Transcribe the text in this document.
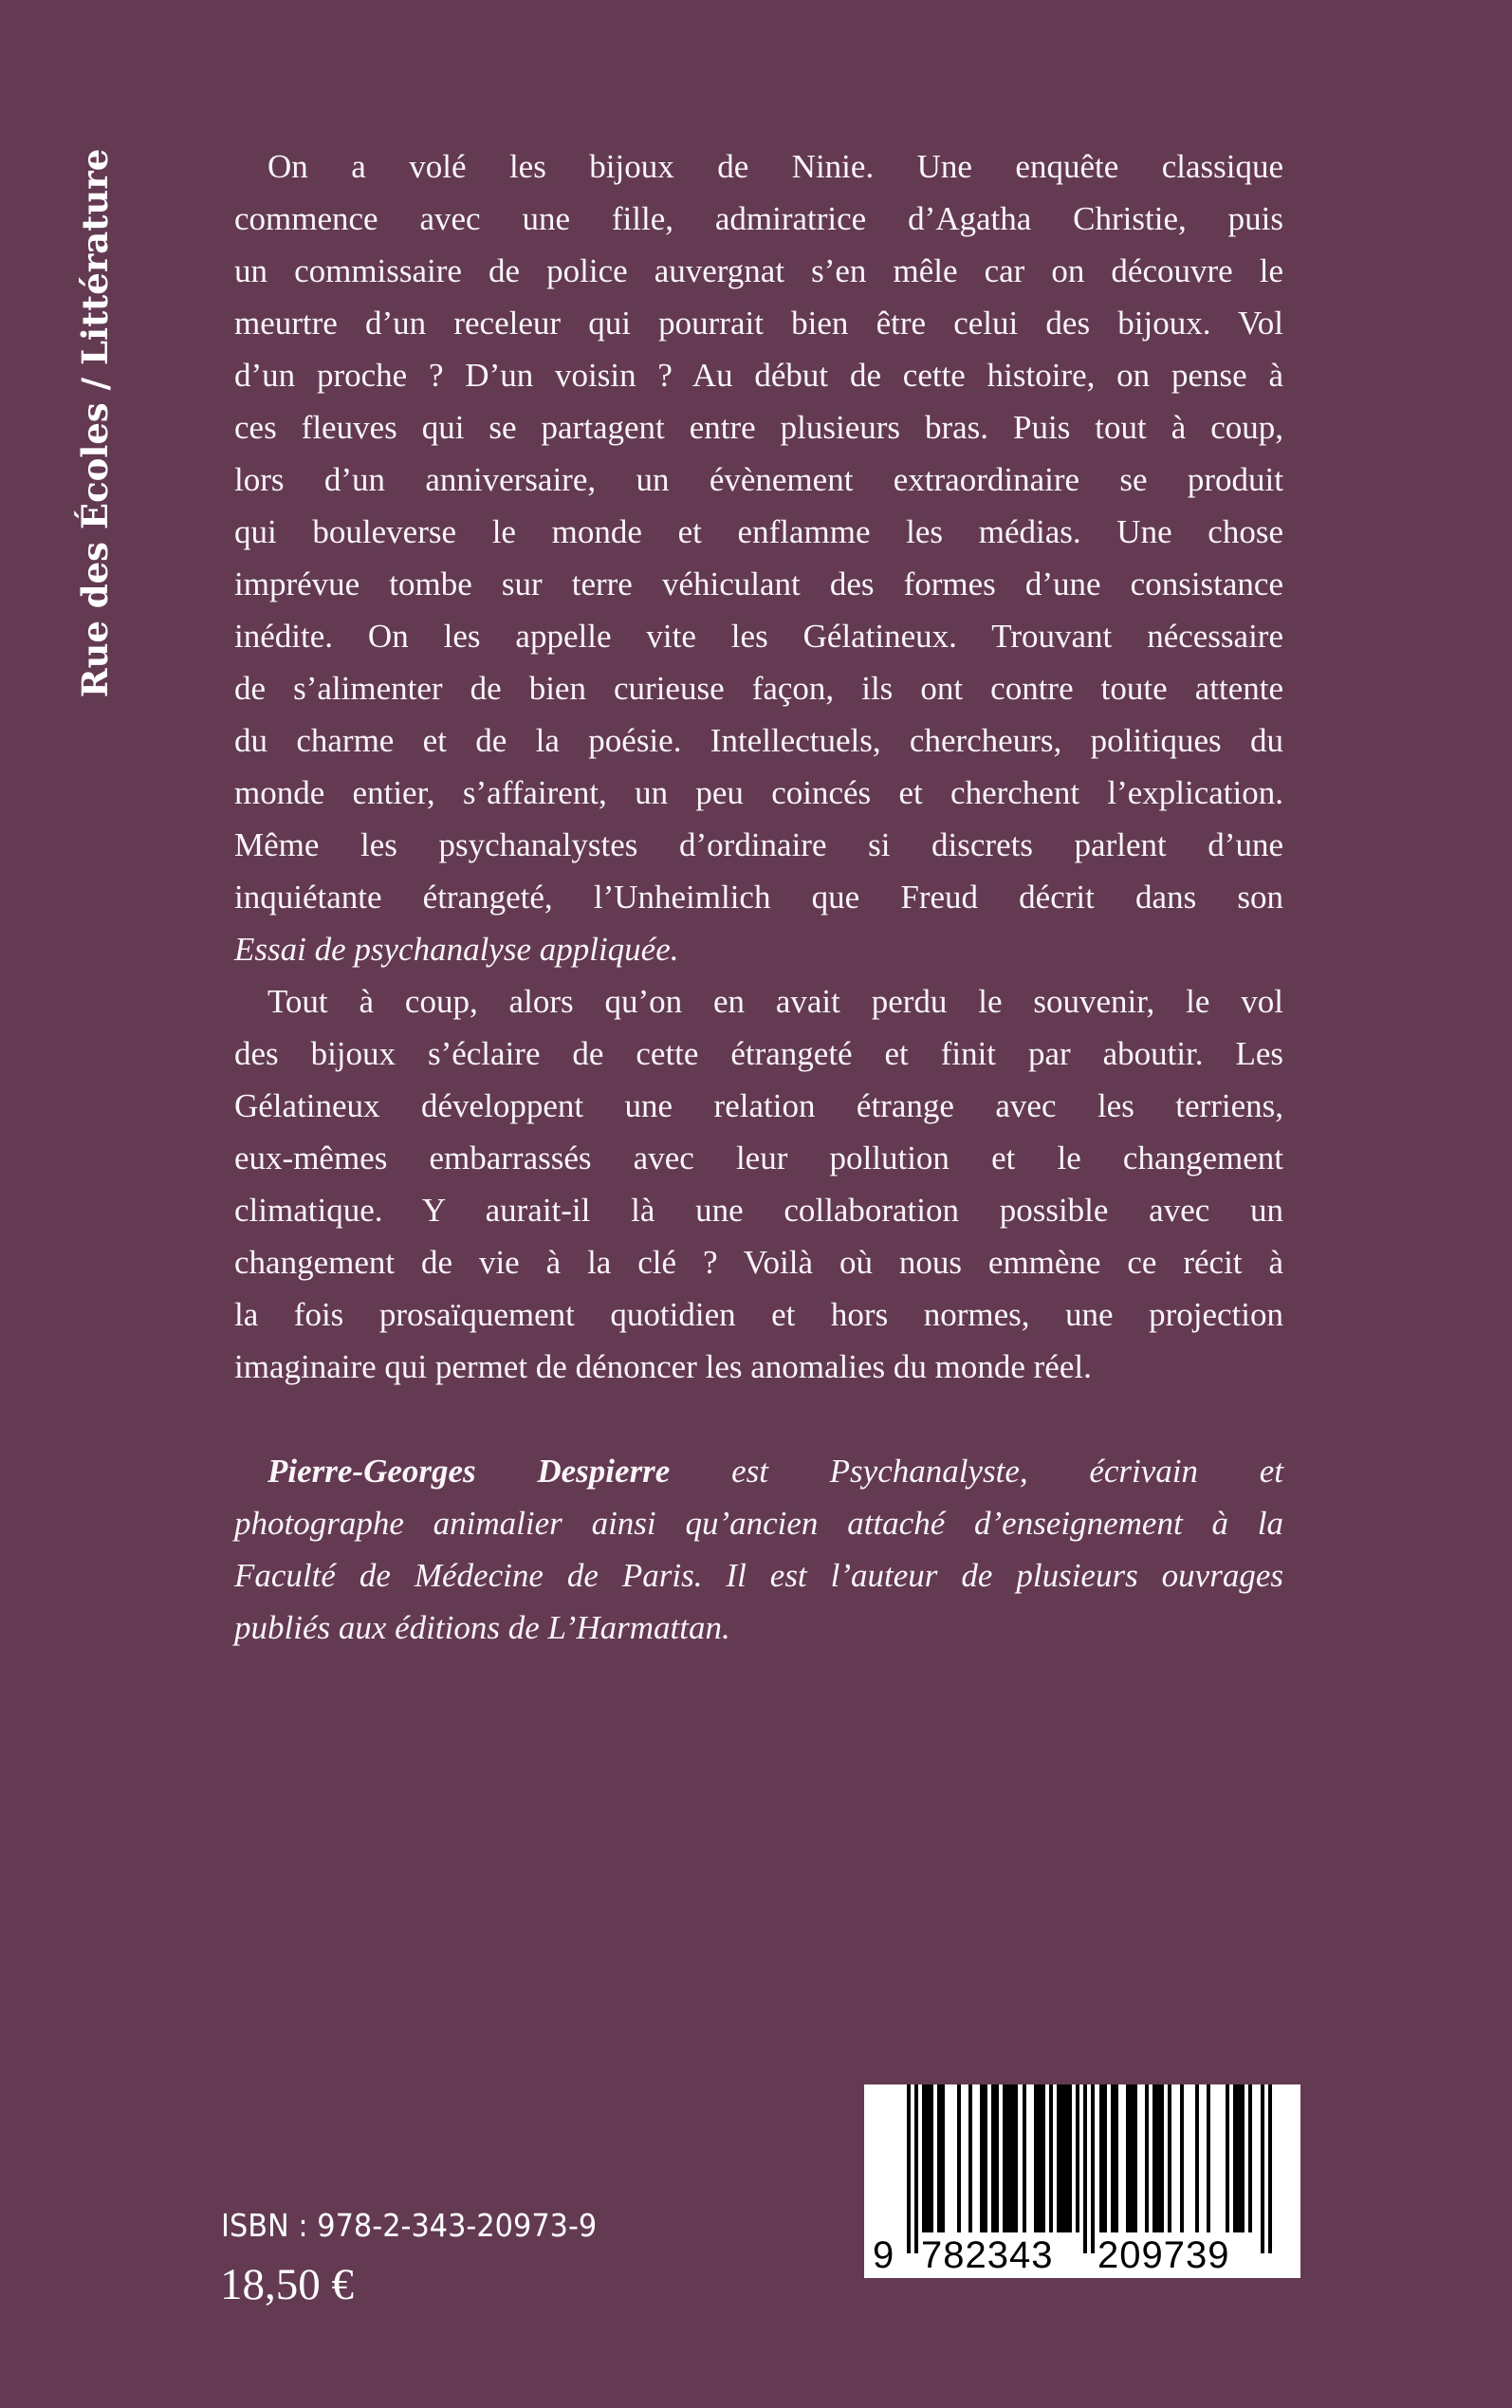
Rue des Écoles / Littérature	On a volé les bijoux de Ninie. Une enquête classique
commence avec une fille, admiratrice d’Agatha Christie, puis
un commissaire de police auvergnat s’en mêle car on découvre le
meurtre d’un receleur qui pourrait bien être celui des bijoux. Vol
d’un proche ? D’un voisin ? Au début de cette histoire, on pense à
ces fleuves qui se partagent entre plusieurs bras. Puis tout à coup,
lors d’un anniversaire, un évènement extraordinaire se produit
qui bouleverse le monde et enflamme les médias. Une chose
imprévue tombe sur terre véhiculant des formes d’une consistance
inédite. On les appelle vite les Gélatineux. Trouvant nécessaire
de s’alimenter de bien curieuse façon, ils ont contre toute attente
du charme et de la poésie. Intellectuels, chercheurs, politiques du
monde entier, s’affairent, un peu coincés et cherchent l’explication.
Même les psychanalystes d’ordinaire si discrets parlent d’une
inquiétante étrangeté, l’Unheimlich que Freud décrit dans son
Essai de psychanalyse appliquée.
Tout à coup, alors qu’on en avait perdu le souvenir, le vol
des bijoux s’éclaire de cette étrangeté et finit par aboutir. Les
Gélatineux développent une relation étrange avec les terriens,
eux-mêmes embarrassés avec leur pollution et le changement
climatique. Y aurait-il là une collaboration possible avec un
changement de vie à la clé ? Voilà où nous emmène ce récit à
la fois prosaïquement quotidien et hors normes, une projection
imaginaire qui permet de dénoncer les anomalies du monde réel.
Pierre-Georges Despierre est Psychanalyste, écrivain et
photographe animalier ainsi qu’ancien attaché d’enseignement à la
Faculté de Médecine de Paris. Il est l’auteur de plusieurs ouvrages
publiés aux éditions de L’Harmattan.
ISBN : 978-2-343-20973-9
18,50 €
9 782343 209739
